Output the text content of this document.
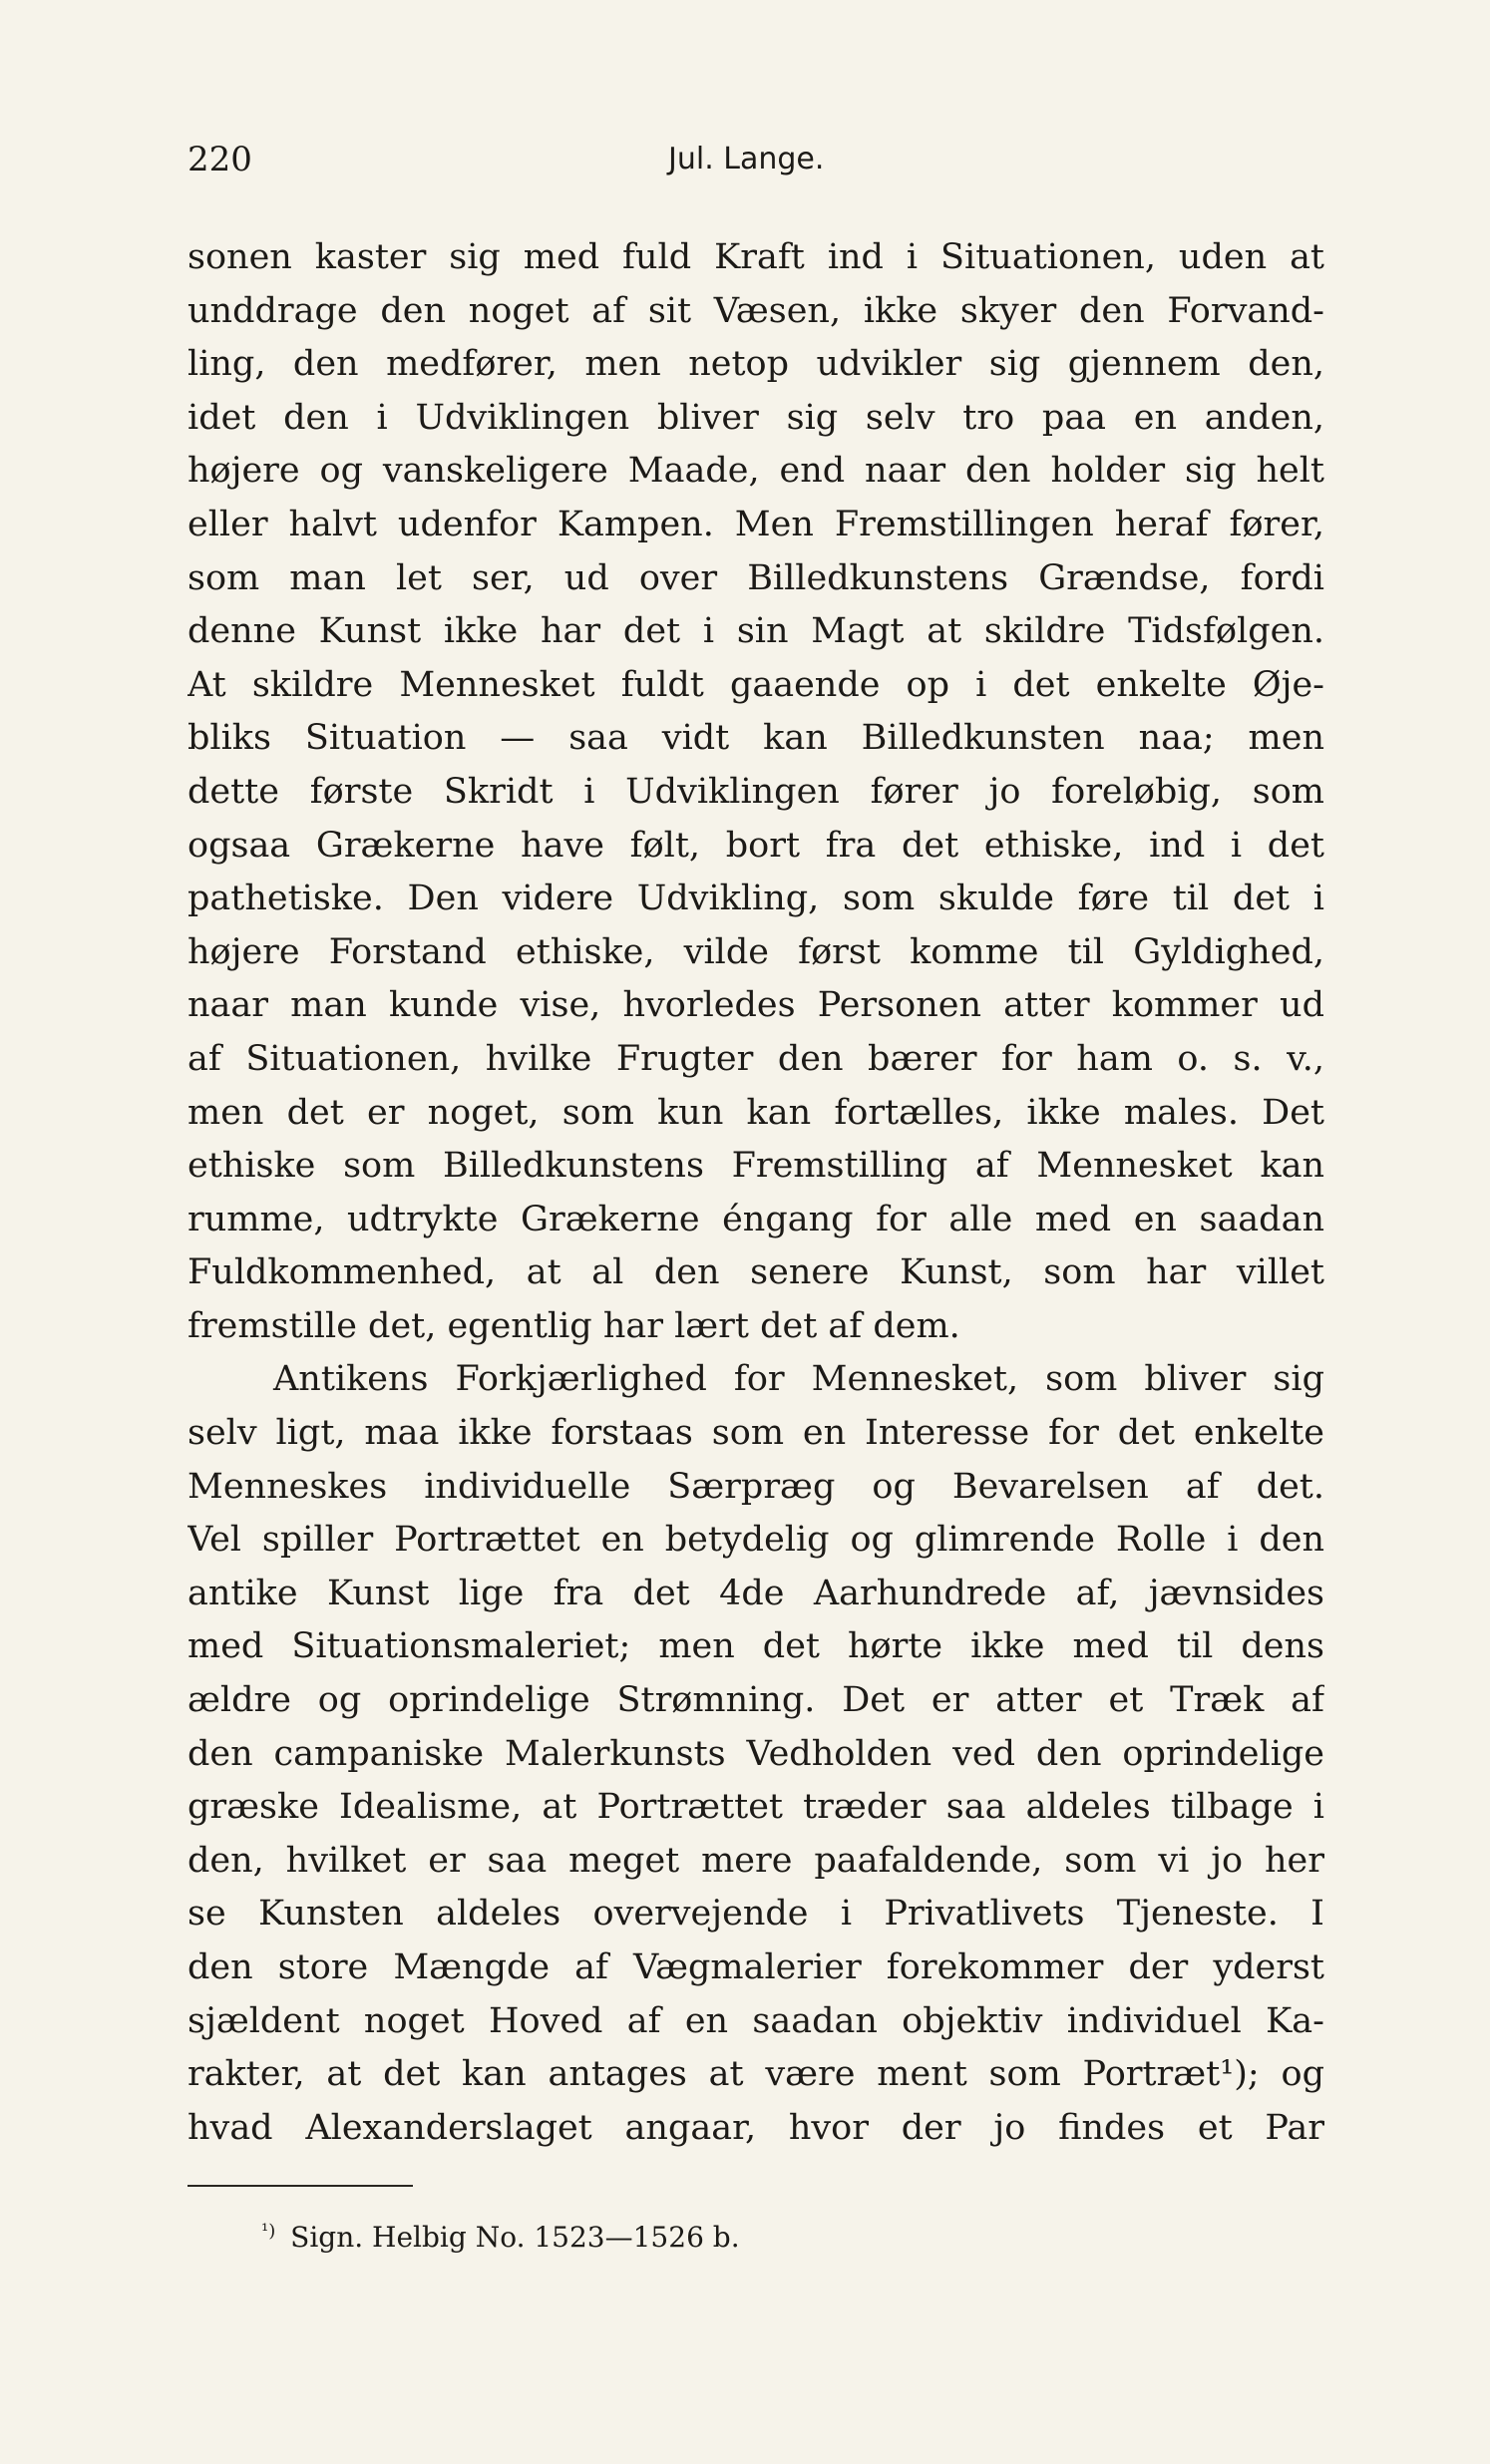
220	Jul. Lange.
sonen kaster sig med fuld Kraft ind i Situationen, uden at
unddrage den noget af sit Væsen, ikke skyer den Forvand-
ling, den medfører, men netop udvikler sig gjennem den,
idet den i Udviklingen bliver sig selv tro paa en anden,
højere og vanskeligere Maade, end naar den holder sig helt
eller halvt udenfor Kampen. Men Fremstillingen heraf fører,
som man let ser, ud over Billedkunstens Grændse, fordi
denne Kunst ikke har det i sin Magt at skildre Tidsfølgen.
At skildre Mennesket fuldt gaaende op i det enkelte Øje-
bliks Situation — saa vidt kan Billedkunsten naa; men
dette første Skridt i Udviklingen fører jo foreløbig, som
ogsaa Grækerne have følt, bort fra det ethiske, ind i det
pathetiske. Den videre Udvikling, som skulde føre til det i
højere Forstand ethiske, vilde først komme til Gyldighed,
naar man kunde vise, hvorledes Personen atter kommer ud
af Situationen, hvilke Frugter den bærer for ham o. s. v.,
men det er noget, som kun kan fortælles, ikke males. Det
ethiske som Billedkunstens Fremstilling af Mennesket kan
rumme, udtrykte Grækerne éngang for alle med en saadan
Fuldkommenhed, at al den senere Kunst, som har villet
fremstille det, egentlig har lært det af dem.
Antikens Forkjærlighed for Mennesket, som bliver sig
selv ligt, maa ikke forstaas som en Interesse for det enkelte
Menneskes individuelle Særpræg og Bevarelsen af det.
Vel spiller Portrættet en betydelig og glimrende Rolle i den
antike Kunst lige fra det 4de Aarhundrede af, jævnsides
med Situationsmaleriet; men det hørte ikke med til dens
ældre og oprindelige Strømning. Det er atter et Træk af
den campaniske Malerkunsts Vedholden ved den oprindelige
græske Idealisme, at Portrættet træder saa aldeles tilbage i
den, hvilket er saa meget mere paafaldende, som vi jo her
se Kunsten aldeles overvejende i Privatlivets Tjeneste. I
den store Mængde af Vægmalerier forekommer der yderst
sjældent noget Hoved af en saadan objektiv individuel Ka-
rakter, at det kan antages at være ment som Portræt¹); og
hvad Alexanderslaget angaar, hvor der jo findes et Par
$^{^1)}$ Sign. Helbig No. 1523—1526 b.
